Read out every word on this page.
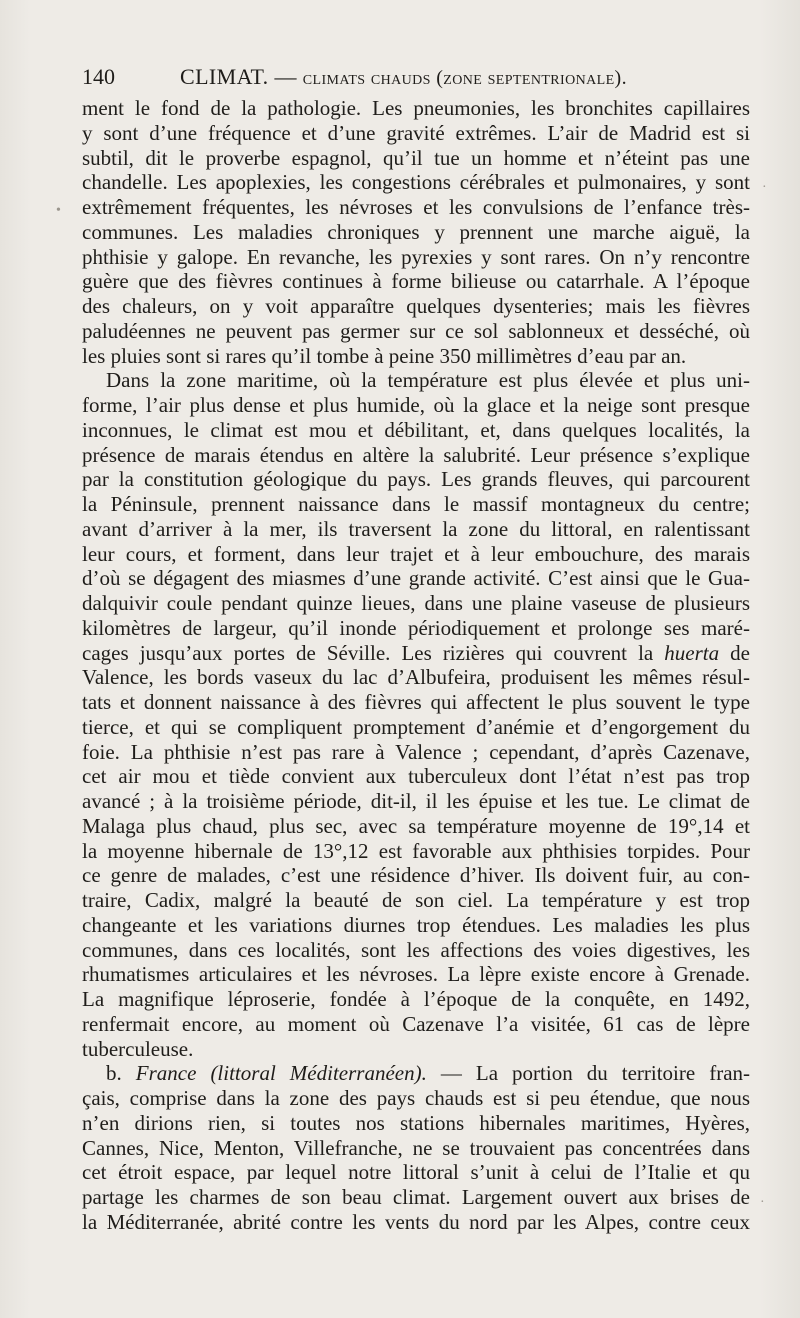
140	CLIMAT. — climats chauds (zone septentrionale).
ment le fond de la pathologie. Les pneumonies, les bronchites capillaires
y sont d’une fréquence et d’une gravité extrêmes. L’air de Madrid est si
subtil, dit le proverbe espagnol, qu’il tue un homme et n’éteint pas une
chandelle. Les apoplexies, les congestions cérébrales et pulmonaires, y sont
extrêmement fréquentes, les névroses et les convulsions de l’enfance très-
communes. Les maladies chroniques y prennent une marche aiguë, la
phthisie y galope. En revanche, les pyrexies y sont rares. On n’y rencontre
guère que des fièvres continues à forme bilieuse ou catarrhale. A l’époque
des chaleurs, on y voit apparaître quelques dysenteries; mais les fièvres
paludéennes ne peuvent pas germer sur ce sol sablonneux et desséché, où
les pluies sont si rares qu’il tombe à peine 350 millimètres d’eau par an.
Dans la zone maritime, où la température est plus élevée et plus uni-
forme, l’air plus dense et plus humide, où la glace et la neige sont presque
inconnues, le climat est mou et débilitant, et, dans quelques localités, la
présence de marais étendus en altère la salubrité. Leur présence s’explique
par la constitution géologique du pays. Les grands fleuves, qui parcourent
la Péninsule, prennent naissance dans le massif montagneux du centre;
avant d’arriver à la mer, ils traversent la zone du littoral, en ralentissant
leur cours, et forment, dans leur trajet et à leur embouchure, des marais
d’où se dégagent des miasmes d’une grande activité. C’est ainsi que le Gua-
dalquivir coule pendant quinze lieues, dans une plaine vaseuse de plusieurs
kilomètres de largeur, qu’il inonde périodiquement et prolonge ses maré-
cages jusqu’aux portes de Séville. Les rizières qui couvrent la huerta de
Valence, les bords vaseux du lac d’Albufeira, produisent les mêmes résul-
tats et donnent naissance à des fièvres qui affectent le plus souvent le type
tierce, et qui se compliquent promptement d’anémie et d’engorgement du
foie. La phthisie n’est pas rare à Valence ; cependant, d’après Cazenave,
cet air mou et tiède convient aux tuberculeux dont l’état n’est pas trop
avancé ; à la troisième période, dit-il, il les épuise et les tue. Le climat de
Malaga plus chaud, plus sec, avec sa température moyenne de 19°,14 et
la moyenne hibernale de 13°,12 est favorable aux phthisies torpides. Pour
ce genre de malades, c’est une résidence d’hiver. Ils doivent fuir, au con-
traire, Cadix, malgré la beauté de son ciel. La température y est trop
changeante et les variations diurnes trop étendues. Les maladies les plus
communes, dans ces localités, sont les affections des voies digestives, les
rhumatismes articulaires et les névroses. La lèpre existe encore à Grenade.
La magnifique léproserie, fondée à l’époque de la conquête, en 1492,
renfermait encore, au moment où Cazenave l’a visitée, 61 cas de lèpre
tuberculeuse.
b. France (littoral Méditerranéen). — La portion du territoire fran-
çais, comprise dans la zone des pays chauds est si peu étendue, que nous
n’en dirions rien, si toutes nos stations hibernales maritimes, Hyères,
Cannes, Nice, Menton, Villefranche, ne se trouvaient pas concentrées dans
cet étroit espace, par lequel notre littoral s’unit à celui de l’Italie et qu
partage les charmes de son beau climat. Largement ouvert aux brises de
la Méditerranée, abrité contre les vents du nord par les Alpes, contre ceux
·
•
·
